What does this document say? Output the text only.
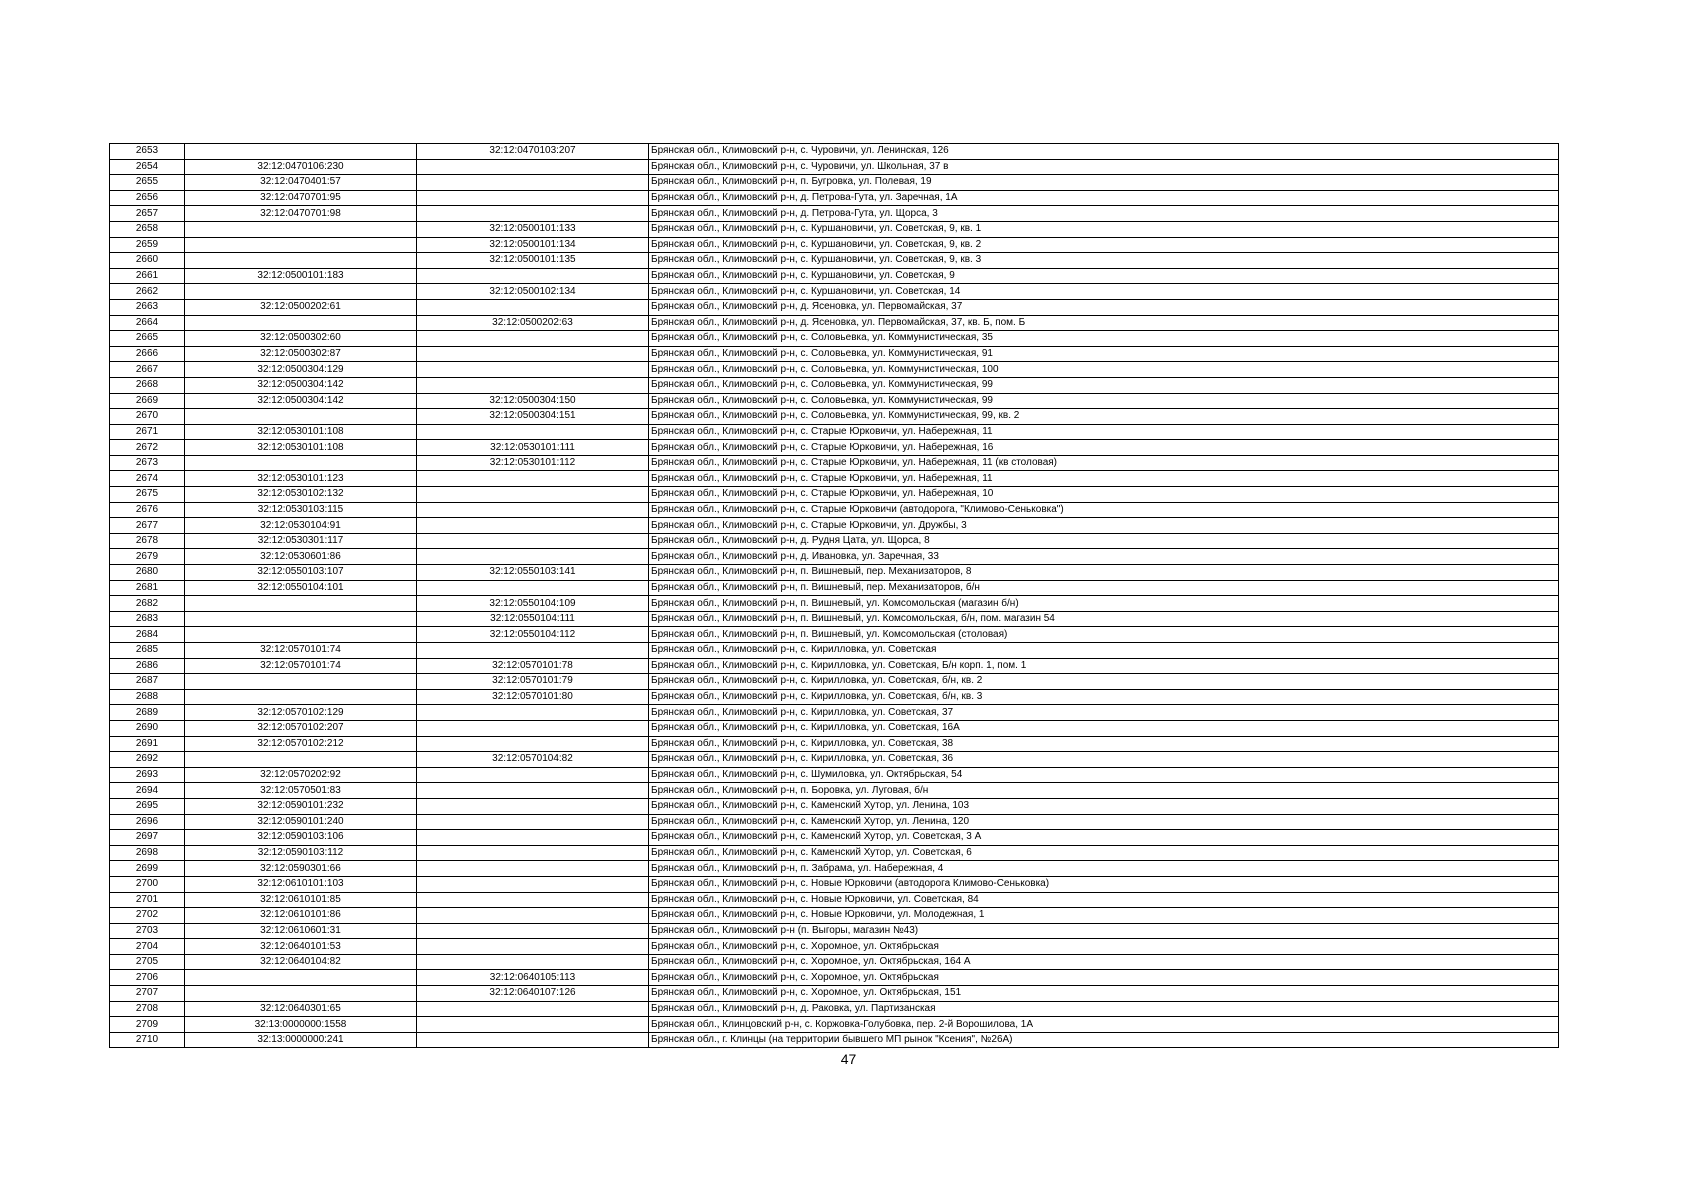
2653		32:12:0470103:207	Брянская обл., Климовский р-н, с. Чуровичи, ул. Ленинская, 126
2654	32:12:0470106:230		Брянская обл., Климовский р-н, с. Чуровичи, ул. Школьная, 37 в
2655	32:12:0470401:57		Брянская обл., Климовский р-н, п. Бугровка, ул. Полевая, 19
2656	32:12:0470701:95		Брянская обл., Климовский р-н, д. Петрова-Гута, ул. Заречная, 1А
2657	32:12:0470701:98		Брянская обл., Климовский р-н, д. Петрова-Гута, ул. Щорса, 3
2658		32:12:0500101:133	Брянская обл., Климовский р-н, с. Куршановичи, ул. Советская, 9, кв. 1
2659		32:12:0500101:134	Брянская обл., Климовский р-н, с. Куршановичи, ул. Советская, 9, кв. 2
2660		32:12:0500101:135	Брянская обл., Климовский р-н, с. Куршановичи, ул. Советская, 9, кв. 3
2661	32:12:0500101:183		Брянская обл., Климовский р-н, с. Куршановичи, ул. Советская, 9
2662		32:12:0500102:134	Брянская обл., Климовский р-н, с. Куршановичи, ул. Советская, 14
2663	32:12:0500202:61		Брянская обл., Климовский р-н, д. Ясеновка, ул. Первомайская, 37
2664		32:12:0500202:63	Брянская обл., Климовский р-н, д. Ясеновка, ул. Первомайская, 37, кв. Б, пом. Б
2665	32:12:0500302:60		Брянская обл., Климовский р-н, с. Соловьевка, ул. Коммунистическая, 35
2666	32:12:0500302:87		Брянская обл., Климовский р-н, с. Соловьевка, ул. Коммунистическая, 91
2667	32:12:0500304:129		Брянская обл., Климовский р-н, с. Соловьевка, ул. Коммунистическая, 100
2668	32:12:0500304:142		Брянская обл., Климовский р-н, с. Соловьевка, ул. Коммунистическая, 99
2669	32:12:0500304:142	32:12:0500304:150	Брянская обл., Климовский р-н, с. Соловьевка, ул. Коммунистическая, 99
2670		32:12:0500304:151	Брянская обл., Климовский р-н, с. Соловьевка, ул. Коммунистическая, 99, кв. 2
2671	32:12:0530101:108		Брянская обл., Климовский р-н, с. Старые Юрковичи, ул. Набережная, 11
2672	32:12:0530101:108	32:12:0530101:111	Брянская обл., Климовский р-н, с. Старые Юрковичи, ул. Набережная, 16
2673		32:12:0530101:112	Брянская обл., Климовский р-н, с. Старые Юрковичи, ул. Набережная, 11 (кв столовая)
2674	32:12:0530101:123		Брянская обл., Климовский р-н, с. Старые Юрковичи, ул. Набережная, 11
2675	32:12:0530102:132		Брянская обл., Климовский р-н, с. Старые Юрковичи, ул. Набережная, 10
2676	32:12:0530103:115		Брянская обл., Климовский р-н, с. Старые Юрковичи (автодорога, "Климово-Сеньковка")
2677	32:12:0530104:91		Брянская обл., Климовский р-н, с. Старые Юрковичи, ул. Дружбы, 3
2678	32:12:0530301:117		Брянская обл., Климовский р-н, д. Рудня Цата, ул. Щорса, 8
2679	32:12:0530601:86		Брянская обл., Климовский р-н, д. Ивановка, ул. Заречная, 33
2680	32:12:0550103:107	32:12:0550103:141	Брянская обл., Климовский р-н, п. Вишневый, пер. Механизаторов, 8
2681	32:12:0550104:101		Брянская обл., Климовский р-н, п. Вишневый, пер. Механизаторов, б/н
2682		32:12:0550104:109	Брянская обл., Климовский р-н, п. Вишневый, ул. Комсомольская (магазин б/н)
2683		32:12:0550104:111	Брянская обл., Климовский р-н, п. Вишневый, ул. Комсомольская, б/н, пом. магазин 54
2684		32:12:0550104:112	Брянская обл., Климовский р-н, п. Вишневый, ул. Комсомольская (столовая)
2685	32:12:0570101:74		Брянская обл., Климовский р-н, с. Кирилловка, ул. Советская
2686	32:12:0570101:74	32:12:0570101:78	Брянская обл., Климовский р-н, с. Кирилловка, ул. Советская, Б/н корп. 1, пом. 1
2687		32:12:0570101:79	Брянская обл., Климовский р-н, с. Кирилловка, ул. Советская, б/н, кв. 2
2688		32:12:0570101:80	Брянская обл., Климовский р-н, с. Кирилловка, ул. Советская, б/н, кв. 3
2689	32:12:0570102:129		Брянская обл., Климовский р-н, с. Кирилловка, ул. Советская, 37
2690	32:12:0570102:207		Брянская обл., Климовский р-н, с. Кирилловка, ул. Советская, 16А
2691	32:12:0570102:212		Брянская обл., Климовский р-н, с. Кирилловка, ул. Советская, 38
2692		32:12:0570104:82	Брянская обл., Климовский р-н, с. Кирилловка, ул. Советская, 36
2693	32:12:0570202:92		Брянская обл., Климовский р-н, с. Шумиловка, ул. Октябрьская, 54
2694	32:12:0570501:83		Брянская обл., Климовский р-н, п. Боровка, ул. Луговая, б/н
2695	32:12:0590101:232		Брянская обл., Климовский р-н, с. Каменский Хутор, ул. Ленина, 103
2696	32:12:0590101:240		Брянская обл., Климовский р-н, с. Каменский Хутор, ул. Ленина, 120
2697	32:12:0590103:106		Брянская обл., Климовский р-н, с. Каменский Хутор, ул. Советская, 3 А
2698	32:12:0590103:112		Брянская обл., Климовский р-н, с. Каменский Хутор, ул. Советская, 6
2699	32:12:0590301:66		Брянская обл., Климовский р-н, п. Забрама, ул. Набережная, 4
2700	32:12:0610101:103		Брянская обл., Климовский р-н, с. Новые Юрковичи (автодорога Климово-Сеньковка)
2701	32:12:0610101:85		Брянская обл., Климовский р-н, с. Новые Юрковичи, ул. Советская, 84
2702	32:12:0610101:86		Брянская обл., Климовский р-н, с. Новые Юрковичи, ул. Молодежная, 1
2703	32:12:0610601:31		Брянская обл., Климовский р-н (п. Выгоры, магазин №43)
2704	32:12:0640101:53		Брянская обл., Климовский р-н, с. Хоромное, ул. Октябрьская
2705	32:12:0640104:82		Брянская обл., Климовский р-н, с. Хоромное, ул. Октябрьская, 164 А
2706		32:12:0640105:113	Брянская обл., Климовский р-н, с. Хоромное, ул. Октябрьская
2707		32:12:0640107:126	Брянская обл., Климовский р-н, с. Хоромное, ул. Октябрьская, 151
2708	32:12:0640301:65		Брянская обл., Климовский р-н, д. Раковка, ул. Партизанская
2709	32:13:0000000:1558		Брянская обл., Клинцовский р-н, с. Коржовка-Голубовка, пер. 2-й Ворошилова, 1А
2710	32:13:0000000:241		Брянская обл., г. Клинцы (на территории бывшего МП рынок "Ксения", №26А)
47
